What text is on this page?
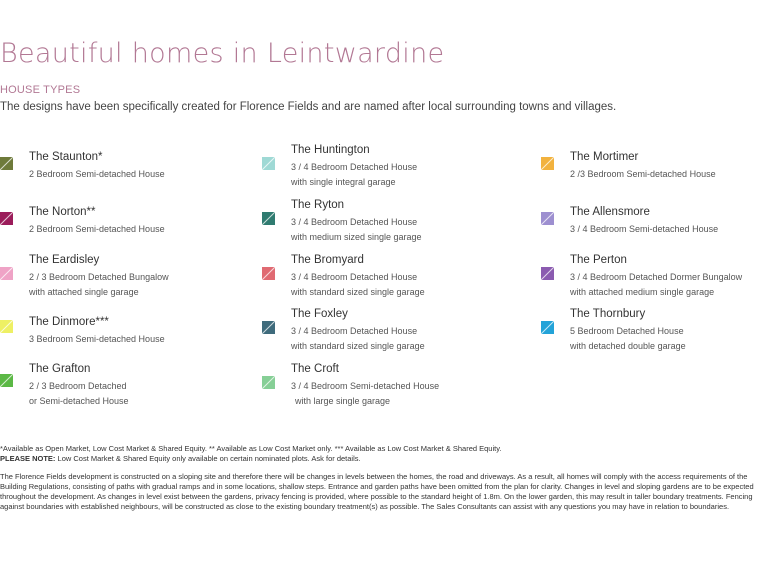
Beautiful homes in Leintwardine
HOUSE TYPES
The designs have been specifically created for Florence Fields and are named after local surrounding towns and villages.
The Staunton*
2 Bedroom Semi-detached House
The Norton**
2 Bedroom Semi-detached House
The Eardisley
2 / 3 Bedroom Detached Bungalow
with attached single garage
The Dinmore***
3 Bedroom Semi-detached House
The Grafton
2 / 3 Bedroom Detached
or Semi-detached House
The Huntington
3 / 4 Bedroom Detached House
with single integral garage
The Ryton
3 / 4 Bedroom Detached House
with medium sized single garage
The Bromyard
3 / 4 Bedroom Detached House
with standard sized single garage
The Foxley
3 / 4 Bedroom Detached House
with standard sized single garage
The Croft
3 / 4 Bedroom Semi-detached House
with large single garage
The Mortimer
2 /3 Bedroom Semi-detached House
The Allensmore
3 / 4 Bedroom Semi-detached House
The Perton
3 / 4 Bedroom Detached Dormer Bungalow
with attached medium single garage
The Thornbury
5 Bedroom Detached House
with detached double garage

*Available as Open Market, Low Cost Market & Shared Equity. ** Available as Low Cost Market only. *** Available as Low Cost Market & Shared Equity.

PLEASE NOTE: Low Cost Market & Shared Equity only available on certain nominated plots. Ask for details.

The Florence Fields development is constructed on a sloping site and therefore there will be changes in levels between the homes, the road and driveways. As a result, all homes will comply with the access requirements of the Building Regulations, consisting of paths with gradual ramps and in some locations, shallow steps. Entrance and garden paths have been omitted from the plan for clarity. Changes in level and sloping gardens are to be expected throughout the development. As changes in level exist between the gardens, privacy fencing is provided, where possible to the standard height of 1.8m. On the lower garden, this may result in taller boundary treatments. Fencing against boundaries with established neighbours, will be constructed as close to the existing boundary treatment(s) as possible. The Sales Consultants can assist with any questions you may have in relation to boundaries.
